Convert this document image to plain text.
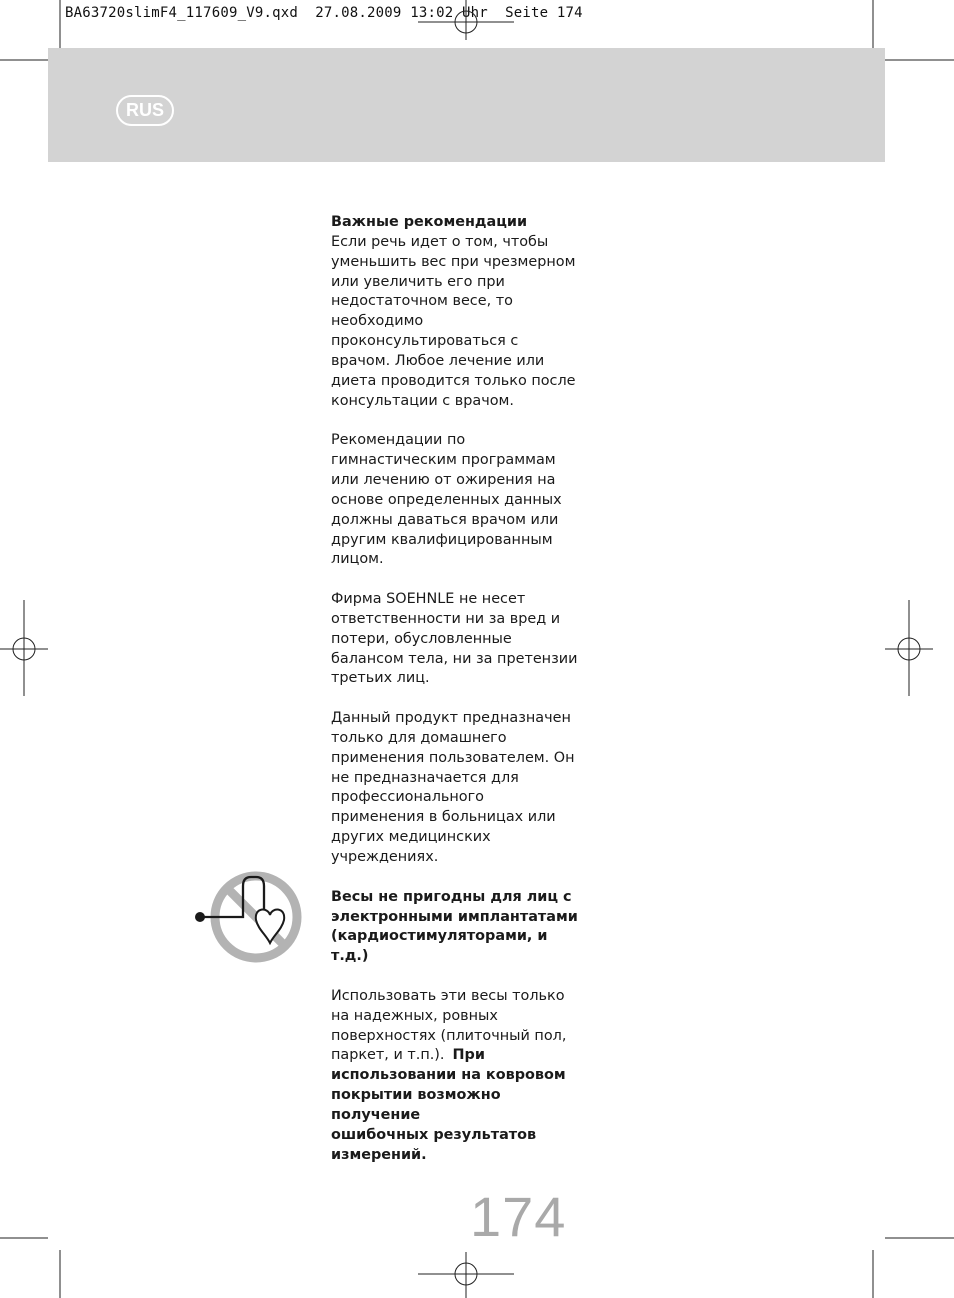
BA63720slimF4_117609_V9.qxd 27.08.2009 13:02 Uhr Seite 174
RUS

Важные рекомендации

Если речь идет о том, чтобы
уменьшить вес при чрезмерном
или увеличить его при
недостаточном весе, то
необходимо
проконсультироваться с
врачом. Любое лечение или
диета проводится только после
консультации с врачом.

Рекомендации по
гимнастическим программам
или лечению от ожирения на
основе определенных данных
должны даваться врачом или
другим квалифицированным
лицом.

Фирма SOEHNLE не несет
ответственности ни за вред и
потери, обусловленные
балансом тела, ни за претензии
третьих лиц.

Данный продукт предназначен
только для домашнего
применения пользователем. Он
не предназначается для
профессионального
применения в больницах или
других медицинских
учреждениях.

Весы не пригодны для лиц с
электронными имплантатами
(кардиостимуляторами, и т.д.)

Использовать эти весы только
на надежных, ровных
поверхностях (плиточный пол,
паркет, и т.п.). При
использовании на ковровом
покрытии возможно получение
ошибочных результатов
измерений.

174
